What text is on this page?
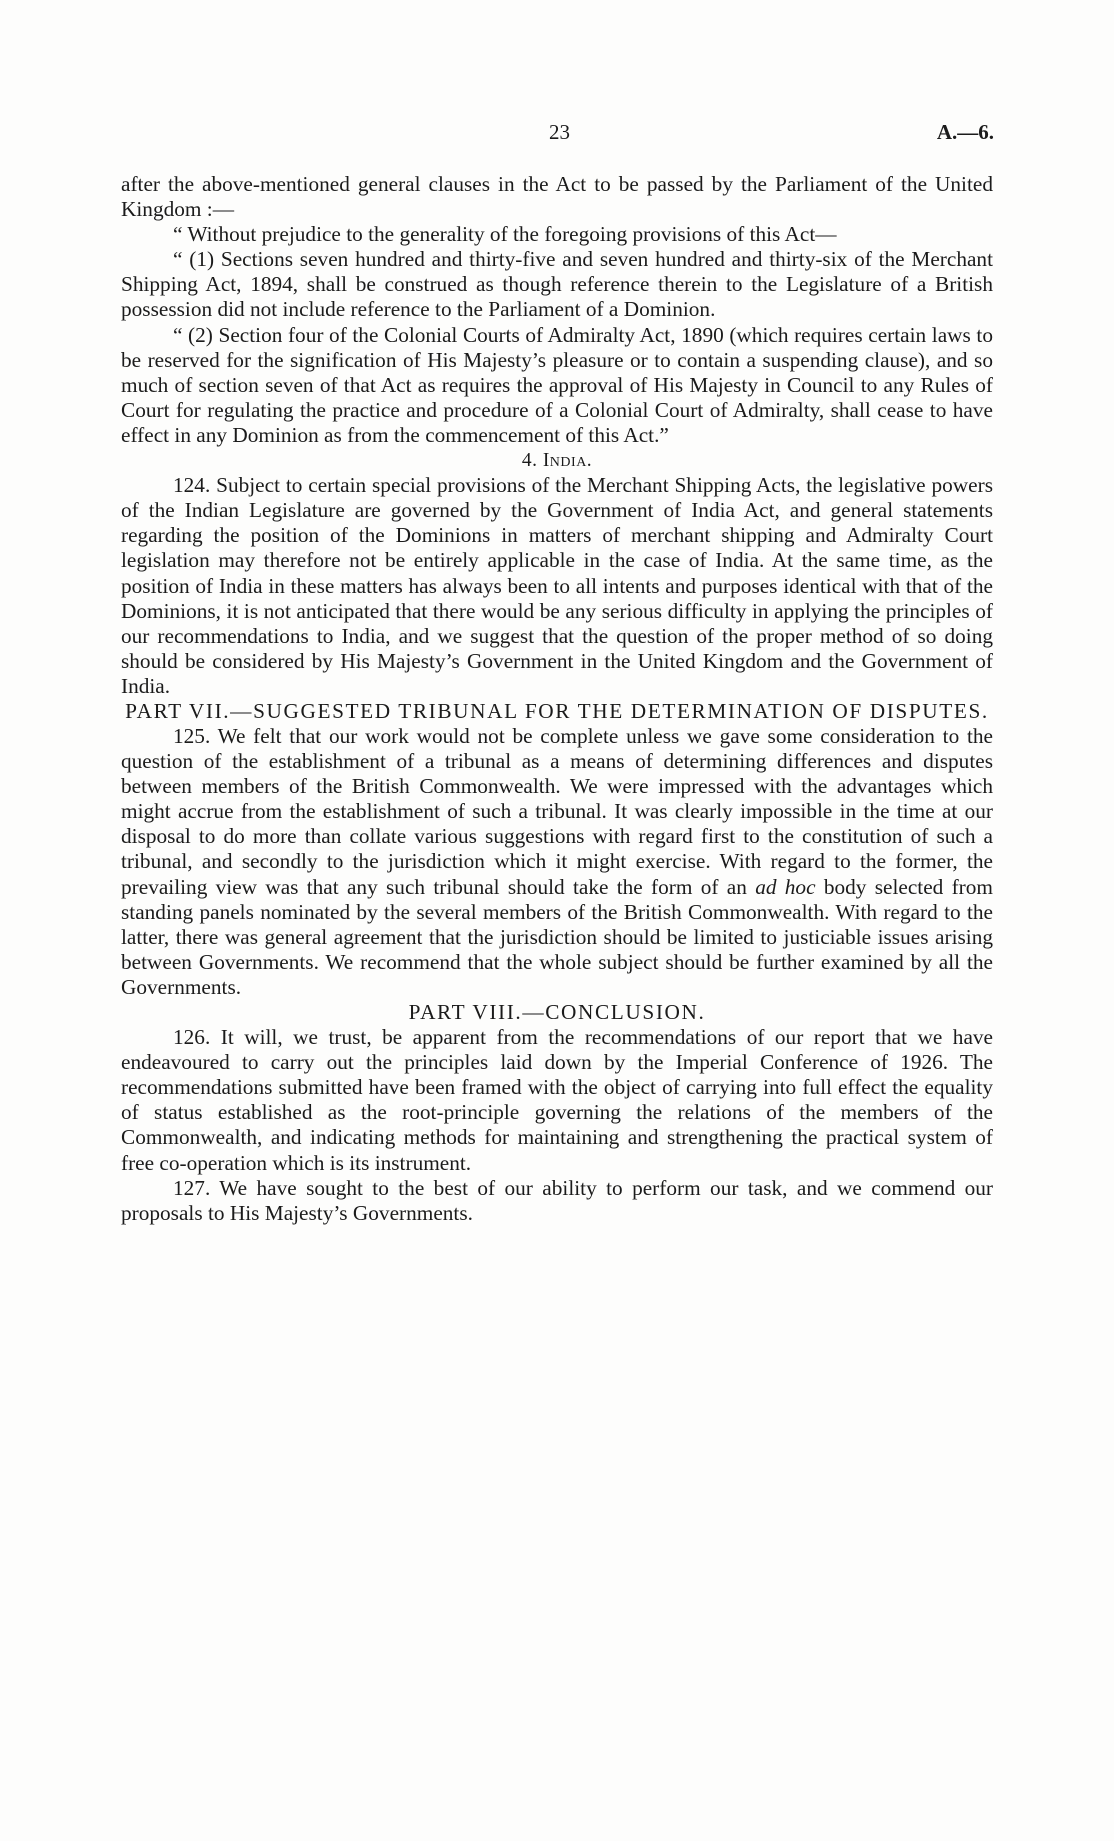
23	A.—6.

after the above-mentioned general clauses in the Act to be passed by the Parliament of the United Kingdom :—

“ Without prejudice to the generality of the foregoing provisions of this Act—

“ (1) Sections seven hundred and thirty-five and seven hundred and thirty-six of the Merchant Shipping Act, 1894, shall be construed as though reference therein to the Legislature of a British possession did not include reference to the Parliament of a Dominion.

“ (2) Section four of the Colonial Courts of Admiralty Act, 1890 (which requires certain laws to be reserved for the signification of His Majesty’s pleasure or to contain a suspending clause), and so much of section seven of that Act as requires the approval of His Majesty in Council to any Rules of Court for regulating the practice and procedure of a Colonial Court of Admiralty, shall cease to have effect in any Dominion as from the commencement of this Act.”

4. India.

124. Subject to certain special provisions of the Merchant Shipping Acts, the legislative powers of the Indian Legislature are governed by the Government of India Act, and general statements regarding the position of the Dominions in matters of merchant shipping and Admiralty Court legislation may therefore not be entirely applicable in the case of India. At the same time, as the position of India in these matters has always been to all intents and purposes identical with that of the Dominions, it is not anticipated that there would be any serious difficulty in applying the principles of our recommendations to India, and we suggest that the question of the proper method of so doing should be considered by His Majesty’s Government in the United Kingdom and the Government of India.

PART VII.—SUGGESTED TRIBUNAL FOR THE DETERMINATION OF DISPUTES.

125. We felt that our work would not be complete unless we gave some consideration to the question of the establishment of a tribunal as a means of determining differences and disputes between members of the British Commonwealth. We were impressed with the advantages which might accrue from the establishment of such a tribunal. It was clearly impossible in the time at our disposal to do more than collate various suggestions with regard first to the constitution of such a tribunal, and secondly to the jurisdiction which it might exercise. With regard to the former, the prevailing view was that any such tribunal should take the form of an ad hoc body selected from standing panels nominated by the several members of the British Commonwealth. With regard to the latter, there was general agreement that the jurisdiction should be limited to justiciable issues arising between Governments. We recommend that the whole subject should be further examined by all the Governments.

PART VIII.—CONCLUSION.

126. It will, we trust, be apparent from the recommendations of our report that we have endeavoured to carry out the principles laid down by the Imperial Conference of 1926. The recommendations submitted have been framed with the object of carrying into full effect the equality of status established as the root-principle governing the relations of the members of the Commonwealth, and indicating methods for maintaining and strengthening the practical system of free co-operation which is its instrument.

127. We have sought to the best of our ability to perform our task, and we commend our proposals to His Majesty’s Governments.
